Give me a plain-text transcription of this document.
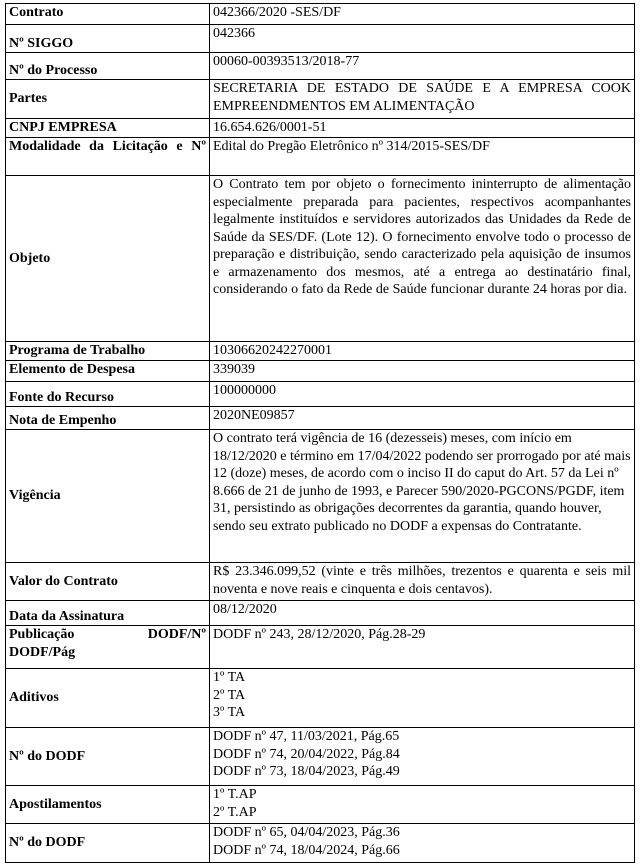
Contrato	042366/2020 -SES/DF
Nº SIGGO	042366
Nº do Processo	00060-00393513/2018-77
Partes	SECRETARIA DE ESTADO DE SAÚDE E A EMPRESA COOK EMPREENDMENTOS EM ALIMENTAÇÃO
CNPJ EMPRESA	16.654.626/0001-51
Modalidade da Licitação e Nº	Edital do Pregão Eletrônico nº 314/2015-SES/DF
Objeto	O Contrato tem por objeto o fornecimento ininterrupto de alimentação especialmente preparada para pacientes, respectivos acompanhantes legalmente instituídos e servidores autorizados das Unidades da Rede de Saúde da SES/DF. (Lote 12). O fornecimento envolve todo o processo de preparação e distribuição, sendo caracterizado pela aquisição de insumos e armazenamento dos mesmos, até a entrega ao destinatário final, considerando o fato da Rede de Saúde funcionar durante 24 horas por dia.
Programa de Trabalho	10306620242270001
Elemento de Despesa	339039
Fonte do Recurso	100000000
Nota de Empenho	2020NE09857
Vigência	O contrato terá vigência de 16 (dezesseis) meses, com início em 18/12/2020 e término em 17/04/2022 podendo ser prorrogado por até mais 12 (doze) meses, de acordo com o inciso II do caput do Art. 57 da Lei nº 8.666 de 21 de junho de 1993, e Parecer 590/2020-PGCONS/PGDF, item 31, persistindo as obrigações decorrentes da garantia, quando houver, sendo seu extrato publicado no DODF a expensas do Contratante.
Valor do Contrato	R$ 23.346.099,52 (vinte e três milhões, trezentos e quarenta e seis mil noventa e nove reais e cinquenta e dois centavos).
Data da Assinatura	08/12/2020

Publicação DODF/Nº
DODF/Pág	DODF nº 243, 28/12/2020, Pág.28-29
Aditivos	1º TA
2º TA
3º TA

Nº do DODF	DODF nº 47, 11/03/2021, Pág.65
DODF nº 74, 20/04/2022, Pág.84
DODF nº 73, 18/04/2023, Pág.49

Apostilamentos	1º T.AP
2º T.AP

Nº do DODF	DODF nº 65, 04/04/2023, Pág.36
DODF nº 74, 18/04/2024, Pág.66
